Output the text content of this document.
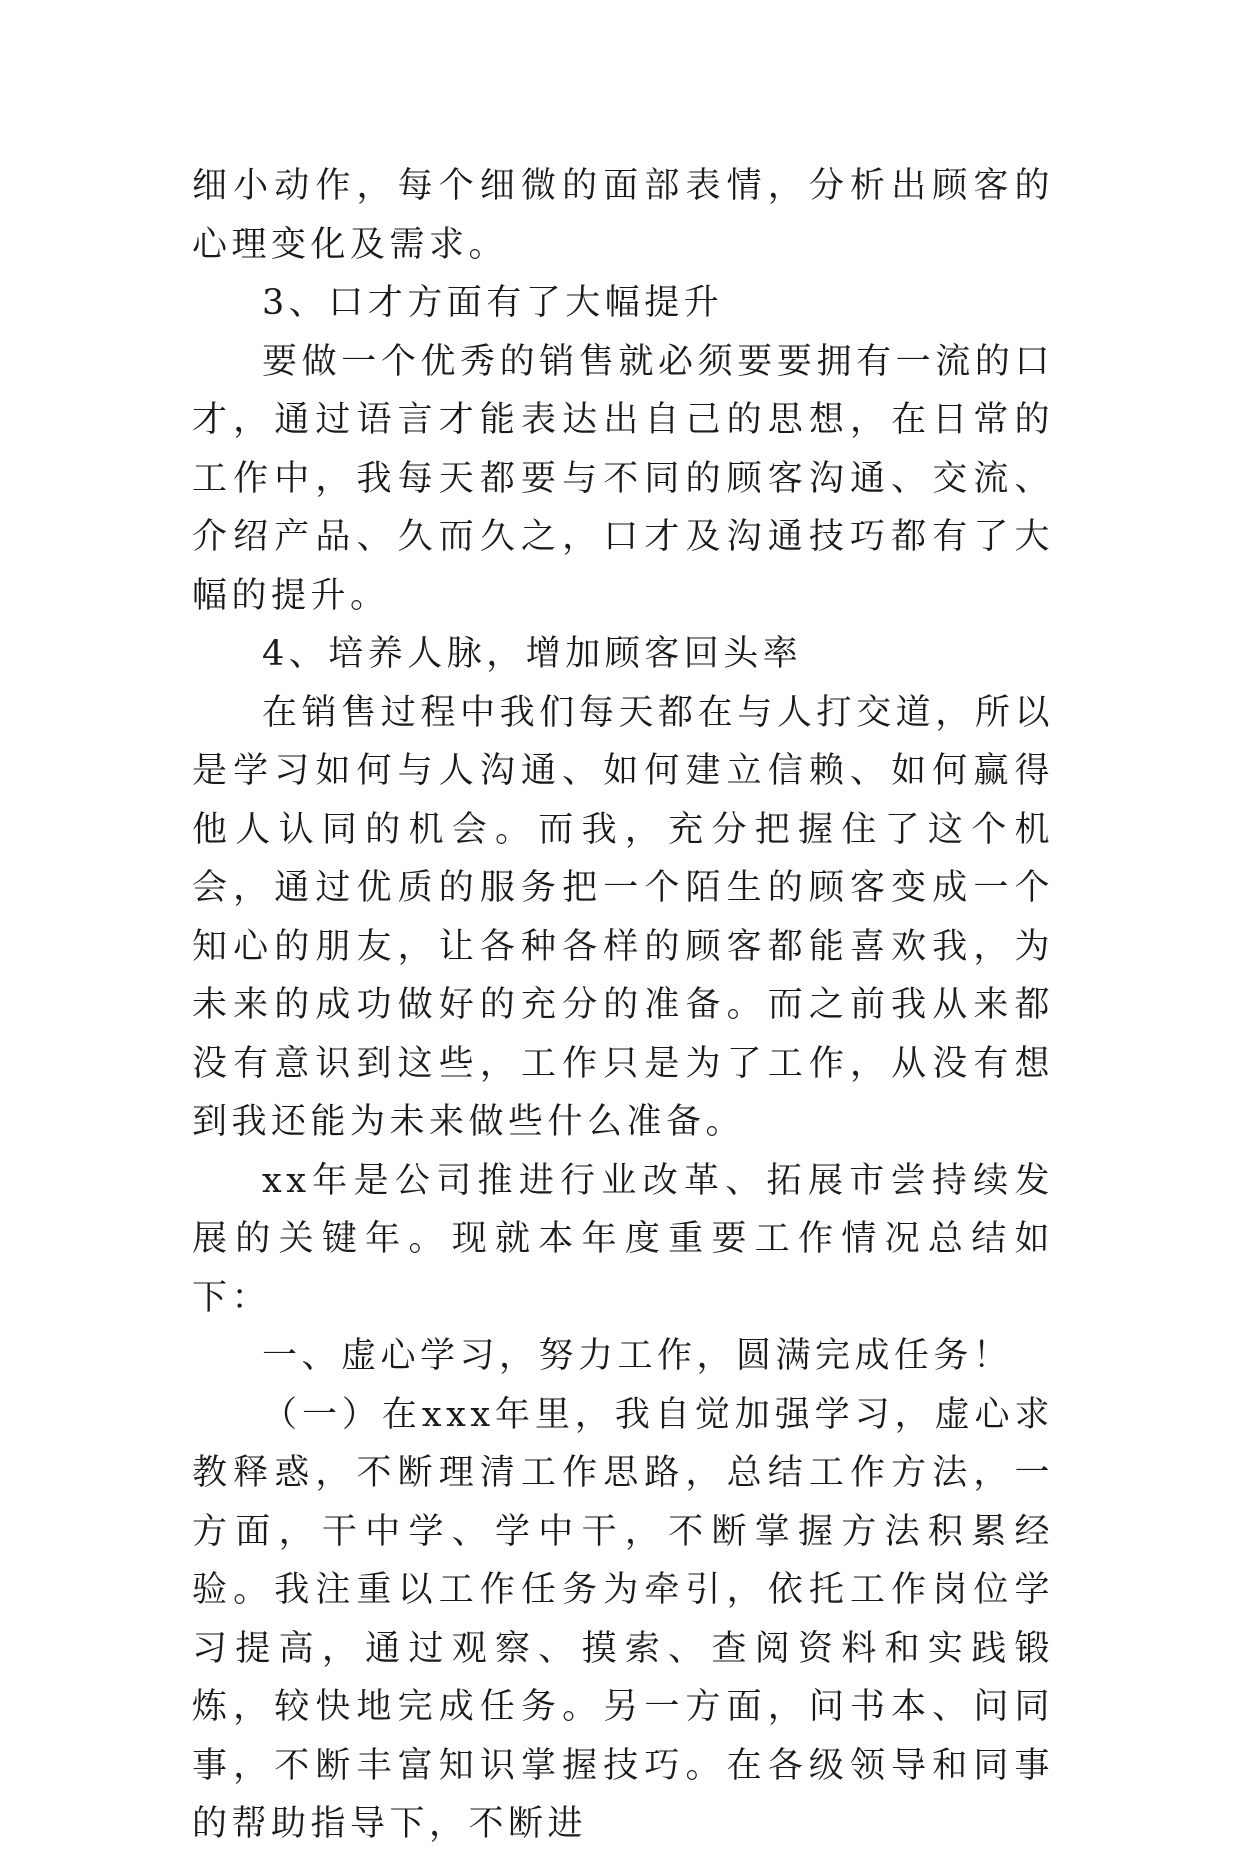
细小动作，每个细微的面部表情，分析出顾客的心理变化及需求。

3、口才方面有了大幅提升

要做一个优秀的销售就必须要要拥有一流的口才，通过语言才能表达出自己的思想，在日常的工作中，我每天都要与不同的顾客沟通、交流、介绍产品、久而久之，口才及沟通技巧都有了大幅的提升。

4、培养人脉，增加顾客回头率

在销售过程中我们每天都在与人打交道，所以是学习如何与人沟通、如何建立信赖、如何赢得他人认同的机会。而我，充分把握住了这个机会，通过优质的服务把一个陌生的顾客变成一个知心的朋友，让各种各样的顾客都能喜欢我，为未来的成功做好的充分的准备。而之前我从来都没有意识到这些，工作只是为了工作，从没有想到我还能为未来做些什么准备。

xx年是公司推进行业改革、拓展市尝持续发展的关键年。现就本年度重要工作情况总结如下：

一、虚心学习，努力工作，圆满完成任务！

（一）在xxx年里，我自觉加强学习，虚心求教释惑，不断理清工作思路，总结工作方法，一方面，干中学、学中干，不断掌握方法积累经验。我注重以工作任务为牵引，依托工作岗位学习提高，通过观察、摸索、查阅资料和实践锻炼，较快地完成任务。另一方面，问书本、问同事，不断丰富知识掌握技巧。在各级领导和同事的帮助指导下，不断进
